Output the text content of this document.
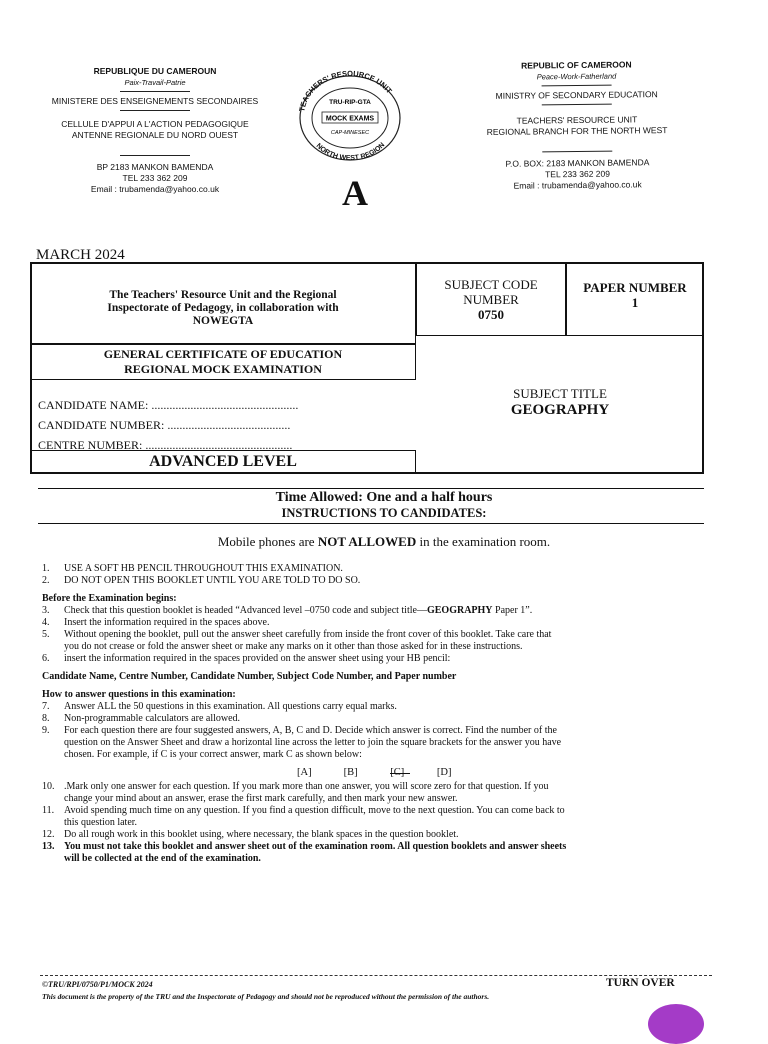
REPUBLIQUE DU CAMEROUN
Paix-Travail-Patrie
MINISTERE DES ENSEIGNEMENTS SECONDAIRES
CELLULE D'APPUI A L'ACTION PEDAGOGIQUE
ANTENNE REGIONALE DU NORD OUEST
BP 2183 MANKON BAMENDA
TEL 233 362 209
Email : trubamenda@yahoo.co.uk
TEACHERS' RESOURCE UNIT
NORTH WEST REGION
TRU-RIP-GTA
MOCK EXAMS
CAP-MINESEC
A
REPUBLIC OF CAMEROON
Peace-Work-Fatherland
MINISTRY OF SECONDARY EDUCATION
TEACHERS' RESOURCE UNIT
REGIONAL BRANCH FOR THE NORTH WEST
P.O. BOX: 2183 MANKON BAMENDA
TEL 233 362 209
Email : trubamenda@yahoo.co.uk
MARCH 2024
The Teachers' Resource Unit and the Regional
Inspectorate of Pedagogy, in collaboration with
NOWEGTA
SUBJECT CODE
NUMBER
0750
PAPER NUMBER
1
GENERAL CERTIFICATE OF EDUCATION
REGIONAL MOCK EXAMINATION
CANDIDATE NAME: .................................................
CANDIDATE NUMBER: .........................................
CENTRE NUMBER: .................................................
ADVANCED LEVEL
SUBJECT TITLE
GEOGRAPHY
Time Allowed: One and a half hours
INSTRUCTIONS TO CANDIDATES:
Mobile phones are NOT ALLOWED in the examination room.
1. USE A SOFT HB PENCIL THROUGHOUT THIS EXAMINATION.
2. DO NOT OPEN THIS BOOKLET UNTIL YOU ARE TOLD TO DO SO.
Before the Examination begins:
3. Check that this question booklet is headed “Advanced level –0750 code and subject title—GEOGRAPHY Paper 1”.
4. Insert the information required in the spaces above.
5. Without opening the booklet, pull out the answer sheet carefully from inside the front cover of this booklet. Take care that
you do not crease or fold the answer sheet or make any marks on it other than those asked for in these instructions.
6. insert the information required in the spaces provided on the answer sheet using your HB pencil:
Candidate Name, Centre Number, Candidate Number, Subject Code Number, and Paper number
How to answer questions in this examination:
7. Answer ALL the 50 questions in this examination. All questions carry equal marks.
8. Non-programmable calculators are allowed.
9. For each question there are four suggested answers, A, B, C and D. Decide which answer is correct. Find the number of the
question on the Answer Sheet and draw a horizontal line across the letter to join the square brackets for the answer you have
chosen. For example, if C is your correct answer, mark C as shown below:
[A]	[B]	[C]	[D]
10. .Mark only one answer for each question. If you mark more than one answer, you will score zero for that question. If you
change your mind about an answer, erase the first mark carefully, and then mark your new answer.
11. Avoid spending much time on any question. If you find a question difficult, move to the next question. You can come back to
this question later.
12. Do all rough work in this booklet using, where necessary, the blank spaces in the question booklet.
13. You must not take this booklet and answer sheet out of the examination room. All question booklets and answer sheets
will be collected at the end of the examination.
©TRU/RPI/0750/P1/MOCK 2024	TURN OVER
This document is the property of the TRU and the Inspectorate of Pedagogy and should not be reproduced without the permission of the authors.
